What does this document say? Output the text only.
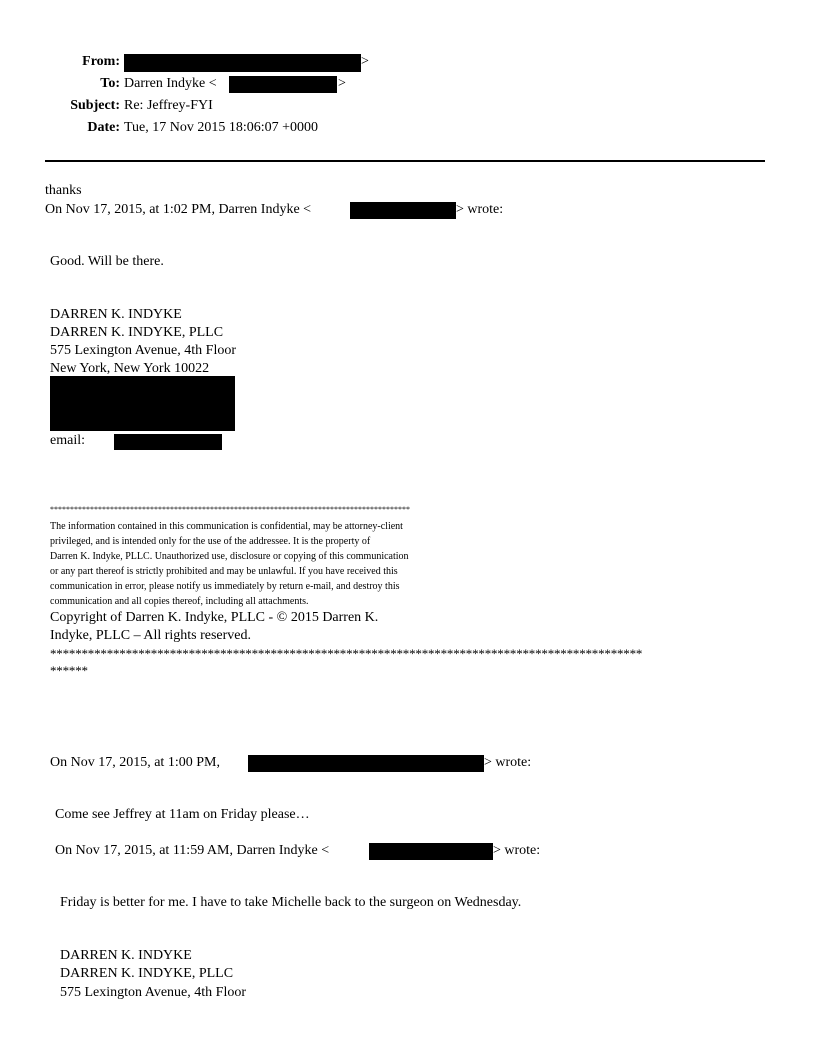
From:	>
To: Darren Indyke <	>
Subject: Re: Jeffrey-FYI
Date: Tue, 17 Nov 2015 18:06:07 +0000
thanks
On Nov 17, 2015, at 1:02 PM, Darren Indyke <	> wrote:
Good. Will be there.
DARREN K. INDYKE
DARREN K. INDYKE, PLLC
575 Lexington Avenue, 4th Floor
New York, New York 10022
email:
******************************************************************************************
The information contained in this communication is confidential, may be attorney-client
privileged, and is intended only for the use of the addressee. It is the property of
Darren K. Indyke, PLLC. Unauthorized use, disclosure or copying of this communication
or any part thereof is strictly prohibited and may be unlawful. If you have received this
communication in error, please notify us immediately by return e-mail, and destroy this
communication and all copies thereof, including all attachments.
Copyright of Darren K. Indyke, PLLC - © 2015 Darren K.
Indyke, PLLC – All rights reserved.
**********************************************************************************************
******
On Nov 17, 2015, at 1:00 PM,	> wrote:
Come see Jeffrey at 11am on Friday please…
On Nov 17, 2015, at 11:59 AM, Darren Indyke <	> wrote:
Friday is better for me. I have to take Michelle back to the surgeon on Wednesday.
DARREN K. INDYKE
DARREN K. INDYKE, PLLC
575 Lexington Avenue, 4th Floor
